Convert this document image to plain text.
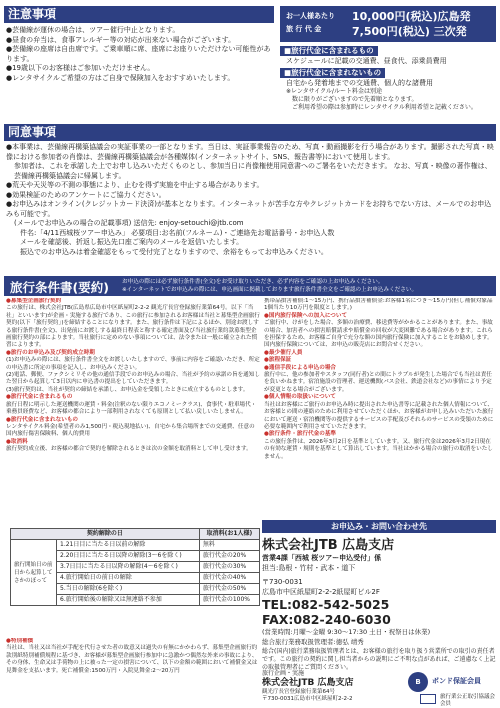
注意事項

●芸備線が運休の場合は、ツアー催行中止となります。

●昼食の弁当は、食事アレルギー等の対応が出来ない場合がございます。

●芸備線の座席は自由席です。ご乗車順に席、座席にお座りいただけない可能性があります。

●19歳以下のお客様はご参加いただけません。

●レンタサイクルご希望の方はご自身で保険加入をおすすめいたします。

お一人様あたり
旅 行 代 金
10,000円(税込)広島発
7,500円(税込) 三次発
■旅行代金に含まれるもの

スケジュールに記載の交通費、昼食代、添乗員費用

■旅行代金に含まれないもの

自宅から発着地までの交通費、個人的な諸費用

※レンタサイクル/ルート料金は別途

数に限りがございますので先着順となります。

ご利用希望の際は参加時にレンタサイクル利用希望と記載ください。

同意事項

●本事業は、芸備線再構築協議会の実証事業の一部となります。当日は、実証事業報告のため、写真・動画撮影を行う場合があります。撮影された写真・映像における参加者の肖像は、芸備線再構築協議会が各種媒体(インターネットサイト、SNS、報告書等)において使用します。

参加者は、これを承諾した上でお申し込みいただくものとし、参加当日に肖像権使用同意書へのご署名をいただきます。 なお、写真・映像の著作権は、芸備線再構築協議会に帰属します。

●荒天や天災等の不測の事態により、止むを得ず実施を中止する場合があります。

●効果検証のためのアンケートにご協力ください。

●お申込みはオンライン(クレジットカード決済)が基本となります。インターネットが苦手な方やクレジットカードをお持ちでない方は、メールでのお申込みも可能です。

(メールでお申込みの場合の記載事項) 送信先: enjoy-setouchi@jtb.com

件名:「4/11西城桜ツアー申込み」 必要項目:お名前(フルネーム)・ご連絡先お電話番号・お申込人数

メールを確認後、折返し振込先口座ご案内のメールを返信いたします。

振込でのお申込みは着金確認をもって受付完了となりますので、余裕をもってお申込みください。

旅行条件書(要約) お申込の際には必ず旅行条件書(全文)をお受け取りいただき、必ず内容をご確認の上お申込みください。
※インターネットでお申込みの際には、申込画面に掲載しております旅行条件書全文をご確認の上お申込みください。

●募集型企画旅行契約

この旅行は、株式会社JTB(広島県広島市中区紙屋町2-2-2 観光庁長官登録旅行業第64号。以下「当社」といいます)が企画・実施する旅行であり、この旅行に参加されるお客様は当社と募集型企画旅行契約(以下「旅行契約」)を締結することになります。また、旅行条件は下記によるほか、別途お渡しする旅行条件書(全文)、出発前にお渡しする最終日程表と称する確定書面及び当社旅行業約款募集型企画旅行契約の部によります。当社旅行に定めのない事項については、法令または一般に確立された慣習によります。

●旅行のお申込み及び契約成立時期

(1)お申込みの際には、旅行条件書全文をお渡しいたしますので、事前に内容をご確認いただき、所定の申込書に所定の事項を記入し、お申込みください。

(2)電話、郵便、ファクシミリその他の通信手段でのお申込みの場合、当社が予約の承諾の旨を通知した翌日から起算して3日以内に申込書の提出をしていただきます。

(3)旅行契約は、当社が契約の締結を承諾し、お申込金を受領したときに成立するものとします。

●旅行代金に含まれるもの

旅行日程に明示した運送機関の運賃・料金(注釈のない限りエコノミークラス)、食事代・駐車場代・乗務員経費など、お客様の都合により一部利用されなくても原則として払い戻しいたしません。

●旅行代金に含まれないもの

レンタサイクル料金(希望者のみ1,500円・税込現地払い)、自宅から集合場所までの交通費、任意の国内旅行傷害保険料、個人的費用

●取消料

旅行契約成立後、お客様の都合で契約を解除されるときは次の金額を取消料として申し受けます。

契約解除の日		取消料(お1人様)
旅行開始日の前日から起算してさかのぼって	1.21日目に当たる日以前の解除	無料
	2.20日目に当たる日以降の解除(3～6を除く)	旅行代金の20%
	3.7日目に当たる日以降の解除(4～6を除く)	旅行代金の30%
	4.旅行開始日の前日の解除	旅行代金の40%
	5.当日の解除(6を除く)	旅行代金の50%
	6.旅行開始後の解除又は無連絡不参加	旅行代金の100%

●特別補償

当社は、当社又は当社が手配を代行させた者の故意又は過失の有無にかかわらず、募集型企画旅行約款別紙特別補償規程に基づき、お客様が募集型企画旅行参加中に急激かつ偶然な外来の事故により、その身体、生命又は手荷物の上に被った一定の損害について、以下の金額の範囲において補償金又は見舞金を支払います。死亡補償金:1500万円・入院見舞金:2～20万円

携帯品損害補償:1～15万円、携行品損害補償金:お客様1名につき～15万円(但し補償対象品1個当たり10万円を限度とします。)

●国内旅行保険への加入について

ご旅行中、けがをした場合、多額の治療費、移送費等がかかることがあります。また、事故の場合、加害者への損害賠償請求や賠償金の回収が大変困難である場合があります。これらを担保するため、お客様ご自身で充分な額の国内旅行保険に加入することをお勧めします。国内旅行保険については、お申込の販売店にお問合せください。

●最少催行人員

●旅程保証

●通信手段による申込の場合

旅行中に、他の参加者やスタッフ(同行者)との間にトラブルが発生した場合でも当社は責任を負いかねます。宿泊施設の管理者、運送機関(バス会社、鉄道会社など)の事情により予定が変更となる場合がございます。

●個人情報の取扱いについて

当社はお客様にご旅行のお申込み時に提出された申込書等に記載された個人情報について、お客様との間の連絡のために利用させていただくほか、お客様がお申し込みいただいた旅行において運送・宿泊機関等の提供するサービスの手配及びそれらのサービスの受領のために必要な範囲内で利用させていただきます。

●旅行条件・旅行代金の基準

この旅行条件は、2026年3月2日を基準としています。又、旅行代金は2026年3月2日現在の有効な運賃・規則を基準として算出しています。当社はかかる場合の旅行の取消をいたしません。

お申込み・お問い合わせ先
株式会社JTB 広島支店
営業4課「西城 桜ツアー申込受付」係
担当:島根・竹村・武本・道下
〒730-0031
広島市中区紙屋町2-2-2紙屋町ビル2F
TEL:082-542-5025
FAX:082-240-6030
(営業時間:月曜～金曜 9:30～17:30 土日・祝祭日は休業)
総合旅行業務取扱管理者:徳弘 靖秀
総合(国内)旅行業務取扱管理者とは、お客様の旅行を取り扱う営業所での取引の責任者です。この旅行の契約に関し担当者からの説明にご不明な点があれば、ご遠慮なく上記の取扱管理者にご質問ください。
旅行企画・実施
株式会社JTB 広島支店
観光庁長官登録旅行業第64号
〒730-0031広島市中区紙屋町2-2-2
B	ボンド保証会員
旅行業公正取引協議会会員
